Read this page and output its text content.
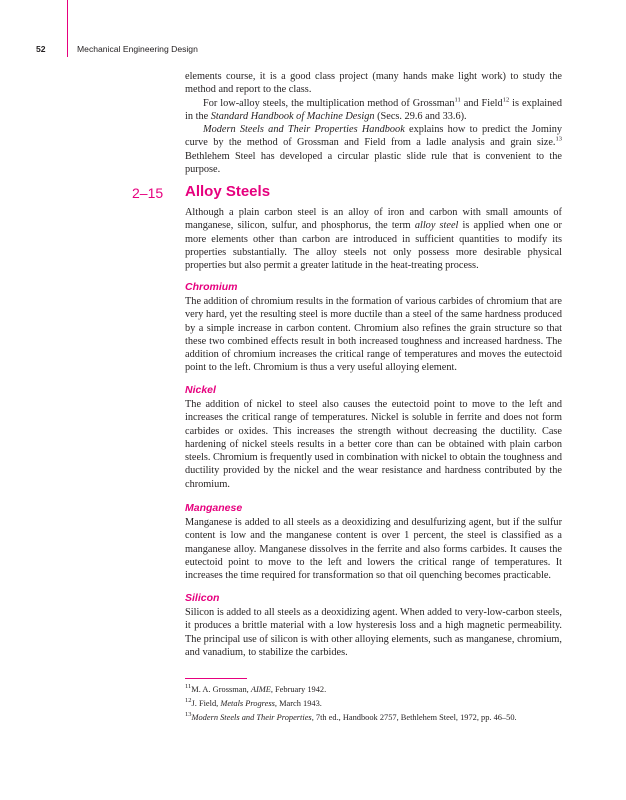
52	Mechanical Engineering Design

elements course, it is a good class project (many hands make light work) to study the method and report to the class.

For low-alloy steels, the multiplication method of Grossman$^{11}$ and Field$^{12}$ is explained in the Standard Handbook of Machine Design (Secs. 29.6 and 33.6).

Modern Steels and Their Properties Handbook explains how to predict the Jominy curve by the method of Grossman and Field from a ladle analysis and grain size.$^{13}$ Bethlehem Steel has developed a circular plastic slide rule that is convenient to the purpose.

2–15 Alloy Steels

Although a plain carbon steel is an alloy of iron and carbon with small amounts of manganese, silicon, sulfur, and phosphorus, the term alloy steel is applied when one or more elements other than carbon are introduced in sufficient quantities to modify its properties substantially. The alloy steels not only possess more desirable physical properties but also permit a greater latitude in the heat-treating process.

Chromium

The addition of chromium results in the formation of various carbides of chromium that are very hard, yet the resulting steel is more ductile than a steel of the same hardness produced by a simple increase in carbon content. Chromium also refines the grain structure so that these two combined effects result in both increased toughness and increased hardness. The addition of chromium increases the critical range of temperatures and moves the eutectoid point to the left. Chromium is thus a very useful alloying element.

Nickel

The addition of nickel to steel also causes the eutectoid point to move to the left and increases the critical range of temperatures. Nickel is soluble in ferrite and does not form carbides or oxides. This increases the strength without decreasing the ductility. Case hardening of nickel steels results in a better core than can be obtained with plain carbon steels. Chromium is frequently used in combination with nickel to obtain the toughness and ductility provided by the nickel and the wear resistance and hardness contributed by the chromium.

Manganese

Manganese is added to all steels as a deoxidizing and desulfurizing agent, but if the sulfur content is low and the manganese content is over 1 percent, the steel is classified as a manganese alloy. Manganese dissolves in the ferrite and also forms carbides. It causes the eutectoid point to move to the left and lowers the critical range of temperatures. It increases the time required for transformation so that oil quenching becomes practicable.

Silicon

Silicon is added to all steels as a deoxidizing agent. When added to very-low-carbon steels, it produces a brittle material with a low hysteresis loss and a high magnetic permeability. The principal use of silicon is with other alloying elements, such as manganese, chromium, and vanadium, to stabilize the carbides.

$^{11}$M. A. Grossman, AIME, February 1942.
$^{12}$J. Field, Metals Progress, March 1943.
$^{13}$Modern Steels and Their Properties, 7th ed., Handbook 2757, Bethlehem Steel, 1972, pp. 46–50.
